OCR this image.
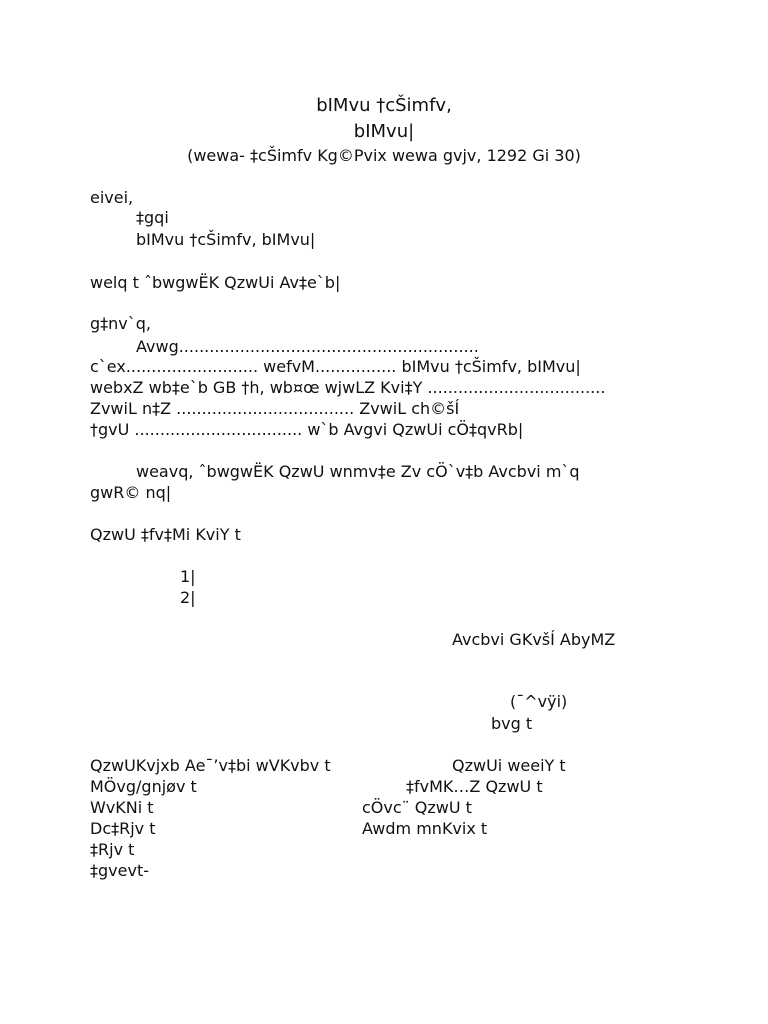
bIMvu †cŠimfv,
bIMvu|
(wewa- ‡cŠimfv Kg©Pvix wewa gvjv, 1292 Gi 30)
eivei,
‡gqi
bIMvu †cŠimfv, bIMvu|
welq t ˆbwgwËK QzwUi Av‡e`b|
g‡nv`q,
Avwg...........................................................
c`ex.......................... wefvM................ bIMvu †cŠimfv, bIMvu|
webxZ wb‡e`b GB †h, wb¤œ wjwLZ Kvi‡Y ...................................
ZvwiL n‡Z ................................... ZvwiL ch©šÍ
†gvU ................................. w`b Avgvi QzwUi cÖ‡qvRb|
weavq, ˆbwgwËK QzwU wnmv‡e Zv cÖ`v‡b Avcbvi m`q
gwR© nq|
QzwU ‡fv‡Mi KviY t
1|
2|
Avcbvi GKvšÍ AbyMZ
(¯^vÿi)
bvg t
QzwUKvjxb Ae¯’v‡bi wVKvbv t
MÖvg/gnjøv t
WvKNi t
Dc‡Rjv t
‡Rjv t
‡gvevt-
QzwUi weeiY t
‡fvMK…Z QzwU t
cÖvc¨ QzwU t
Awdm mnKvix t
